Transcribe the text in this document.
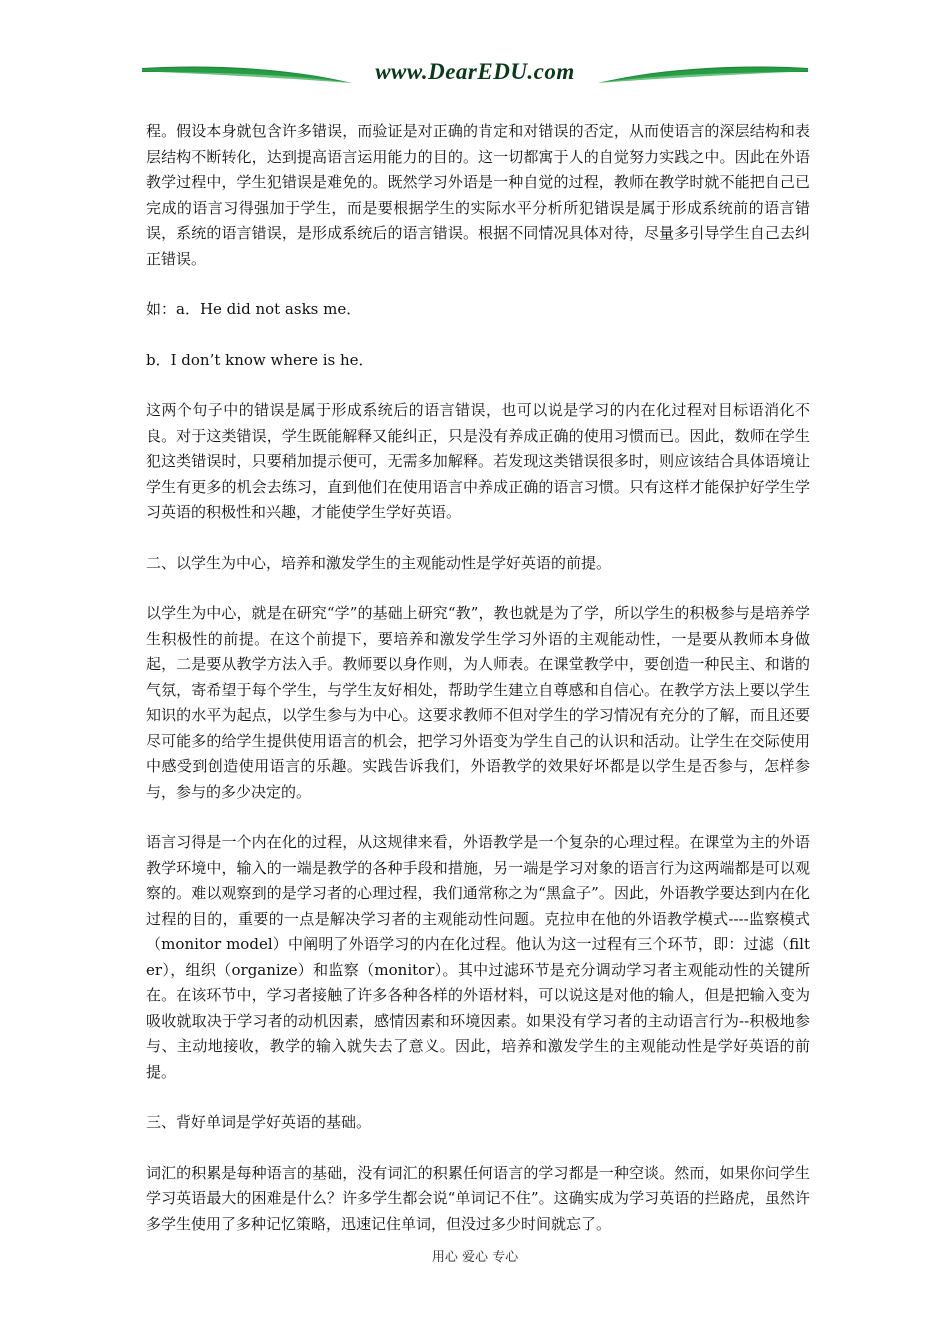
www.DearEDU.com

程。假设本身就包含许多错误，而验证是对正确的肯定和对错误的否定，从而使语言的深层结构和表层结构不断转化，达到提高语言运用能力的目的。这一切都寓于人的自觉努力实践之中。因此在外语教学过程中，学生犯错误是难免的。既然学习外语是一种自觉的过程，教师在教学时就不能把自己已完成的语言习得强加于学生，而是要根据学生的实际水平分析所犯错误是属于形成系统前的语言错误，系统的语言错误，是形成系统后的语言错误。根据不同情况具体对待，尽量多引导学生自己去纠正错误。

如：a．He did not asks me．

b．I don’t know where is he．

这两个句子中的错误是属于形成系统后的语言错误，也可以说是学习的内在化过程对目标语消化不良。对于这类错误，学生既能解释又能纠正，只是没有养成正确的使用习惯而已。因此，数师在学生犯这类错误时，只要稍加提示便可，无需多加解释。若发现这类错误很多时，则应该结合具体语境让学生有更多的机会去练习，直到他们在使用语言中养成正确的语言习惯。只有这样才能保护好学生学习英语的积极性和兴趣，才能使学生学好英语。

二、以学生为中心，培养和激发学生的主观能动性是学好英语的前提。

以学生为中心，就是在研究“学”的基础上研究“教”，教也就是为了学，所以学生的积极参与是培养学生积极性的前提。在这个前提下，要培养和激发学生学习外语的主观能动性，一是要从教师本身做起，二是要从教学方法入手。教师要以身作则，为人师表。在课堂教学中，要创造一种民主、和谐的气氛，寄希望于每个学生，与学生友好相处，帮助学生建立自尊感和自信心。在教学方法上要以学生知识的水平为起点，以学生参与为中心。这要求教师不但对学生的学习情况有充分的了解，而且还要尽可能多的给学生提供使用语言的机会，把学习外语变为学生自己的认识和活动。让学生在交际使用中感受到创造使用语言的乐趣。实践告诉我们，外语教学的效果好坏都是以学生是否参与，怎样参与，参与的多少决定的。

语言习得是一个内在化的过程，从这规律来看，外语教学是一个复杂的心理过程。在课堂为主的外语教学环境中，输入的一端是教学的各种手段和措施，另一端是学习对象的语言行为这两端都是可以观察的。难以观察到的是学习者的心理过程，我们通常称之为“黑盒子”。因此，外语教学要达到内在化过程的目的，重要的一点是解决学习者的主观能动性问题。克拉申在他的外语教学模式----监察模式（monitor model）中阐明了外语学习的内在化过程。他认为这一过程有三个环节，即：过滤（filter），组织（organize）和监察（monitor）。其中过滤环节是充分调动学习者主观能动性的关键所在。在该环节中，学习者接触了许多各种各样的外语材料，可以说这是对他的输人，但是把输入变为吸收就取决于学习者的动机因素，感情因素和环境因素。如果没有学习者的主动语言行为--积极地参与、主动地接收，教学的输入就失去了意义。因此，培养和激发学生的主观能动性是学好英语的前提。

三、背好单词是学好英语的基础。

词汇的积累是每种语言的基础，没有词汇的积累任何语言的学习都是一种空谈。然而，如果你问学生学习英语最大的困难是什么？许多学生都会说“单词记不住”。这确实成为学习英语的拦路虎，虽然许多学生使用了多种记忆策略，迅速记住单词，但没过多少时间就忘了。

用心 爱心 专心
